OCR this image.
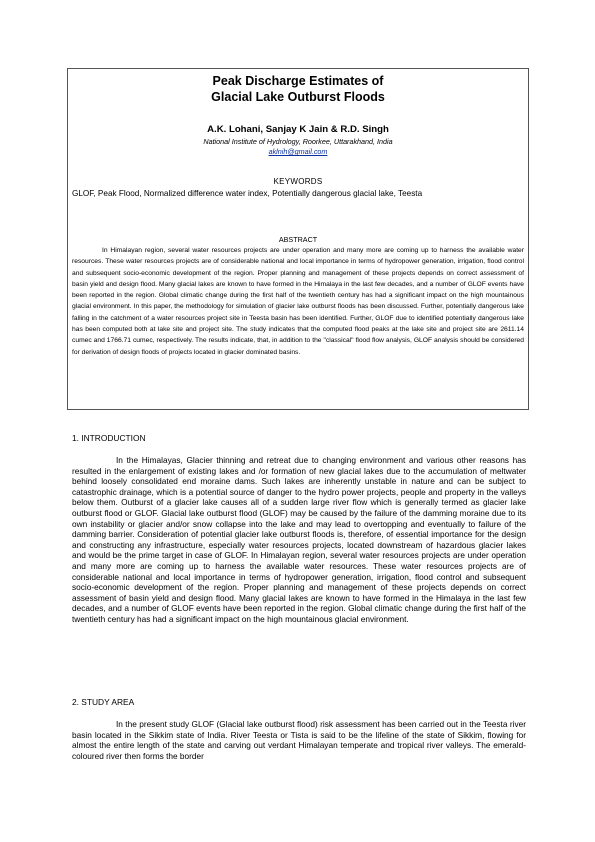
Peak Discharge Estimates of
Glacial Lake Outburst Floods
A.K. Lohani, Sanjay K Jain & R.D. Singh
National Institute of Hydrology, Roorkee, Uttarakhand, India
aklnih@gmail.com
KEYWORDS
GLOF, Peak Flood, Normalized difference water index, Potentially dangerous glacial lake, Teesta
ABSTRACT

In Himalayan region, several water resources projects are under operation and many more are coming up to harness the available water resources. These water resources projects are of considerable national and local importance in terms of hydropower generation, irrigation, flood control and subsequent socio-economic development of the region. Proper planning and management of these projects depends on correct assessment of basin yield and design flood. Many glacial lakes are known to have formed in the Himalaya in the last few decades, and a number of GLOF events have been reported in the region. Global climatic change during the first half of the twentieth century has had a significant impact on the high mountainous glacial environment. In this paper, the methodology for simulation of glacier lake outburst floods has been discussed. Further, potentially dangerous lake falling in the catchment of a water resources project site in Teesta basin has been identified. Further, GLOF due to identified potentially dangerous lake has been computed both at lake site and project site. The study indicates that the computed flood peaks at the lake site and project site are 2611.14 cumec and 1766.71 cumec, respectively. The results indicate, that, in addition to the "classical" flood flow analysis, GLOF analysis should be considered for derivation of design floods of projects located in glacier dominated basins.

1. INTRODUCTION

In the Himalayas, Glacier thinning and retreat due to changing environment and various other reasons has resulted in the enlargement of existing lakes and /or formation of new glacial lakes due to the accumulation of meltwater behind loosely consolidated end moraine dams. Such lakes are inherently unstable in nature and can be subject to catastrophic drainage, which is a potential source of danger to the hydro power projects, people and property in the valleys below them. Outburst of a glacier lake causes all of a sudden large river flow which is generally termed as glacier lake outburst flood or GLOF. Glacial lake outburst flood (GLOF) may be caused by the failure of the damming moraine due to its own instability or glacier and/or snow collapse into the lake and may lead to overtopping and eventually to failure of the damming barrier. Consideration of potential glacier lake outburst floods is, therefore, of essential importance for the design and constructing any infrastructure, especially water resources projects, located downstream of hazardous glacier lakes and would be the prime target in case of GLOF. In Himalayan region, several water resources projects are under operation and many more are coming up to harness the available water resources. These water resources projects are of considerable national and local importance in terms of hydropower generation, irrigation, flood control and subsequent socio-economic development of the region. Proper planning and management of these projects depends on correct assessment of basin yield and design flood. Many glacial lakes are known to have formed in the Himalaya in the last few decades, and a number of GLOF events have been reported in the region. Global climatic change during the first half of the twentieth century has had a significant impact on the high mountainous glacial environment.

2. STUDY AREA

In the present study GLOF (Glacial lake outburst flood) risk assessment has been carried out in the Teesta river basin located in the Sikkim state of India. River Teesta or Tista is said to be the lifeline of the state of Sikkim, flowing for almost the entire length of the state and carving out verdant Himalayan temperate and tropical river valleys. The emerald-coloured river then forms the border
